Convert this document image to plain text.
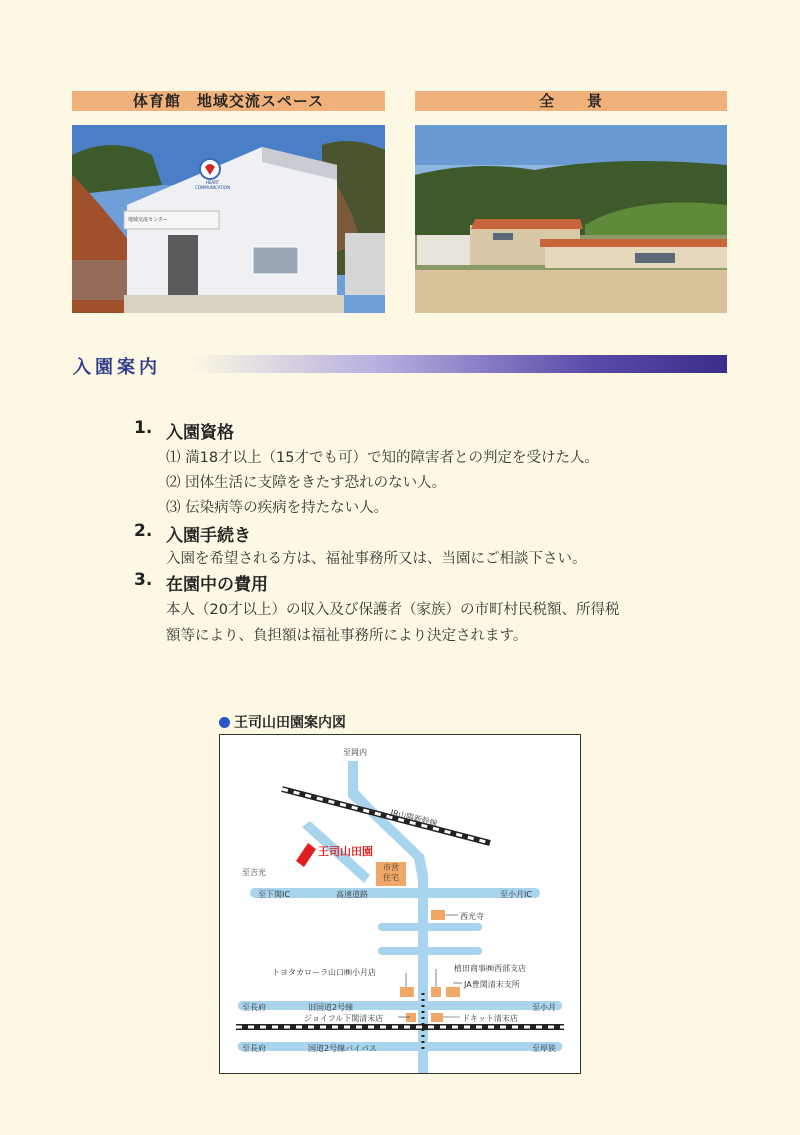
体育館　地域交流スペース	全　　景
HEART COMMUNICATION
地域交流センター
入園案内
1. 入園資格
⑴ 満18才以上（15才でも可）で知的障害者との判定を受けた人。
⑵ 団体生活に支障をきたす恐れのない人。
⑶ 伝染病等の疾病を持たない人。
2. 入園手続き
入園を希望される方は、福祉事務所又は、当園にご相談下さい。
3. 在園中の費用
本人（20才以上）の収入及び保護者（家族）の市町村民税額、所得税
額等により、負担額は福祉事務所により決定されます。
王司山田園案内図
至岡内
JR山陽新幹線
王司山田園
至吉光
市営
住宅
至下関IC	高速道路	至小月IC
西光寺
トヨタカローラ山口㈱小月店	植田商事㈱西部支店
JA豊関清末支所
至長府	旧国道2号線	至小月
ジョイフル下関清末店	ドキット清末店
至長府	国道2号線バイパス	至厚狭
